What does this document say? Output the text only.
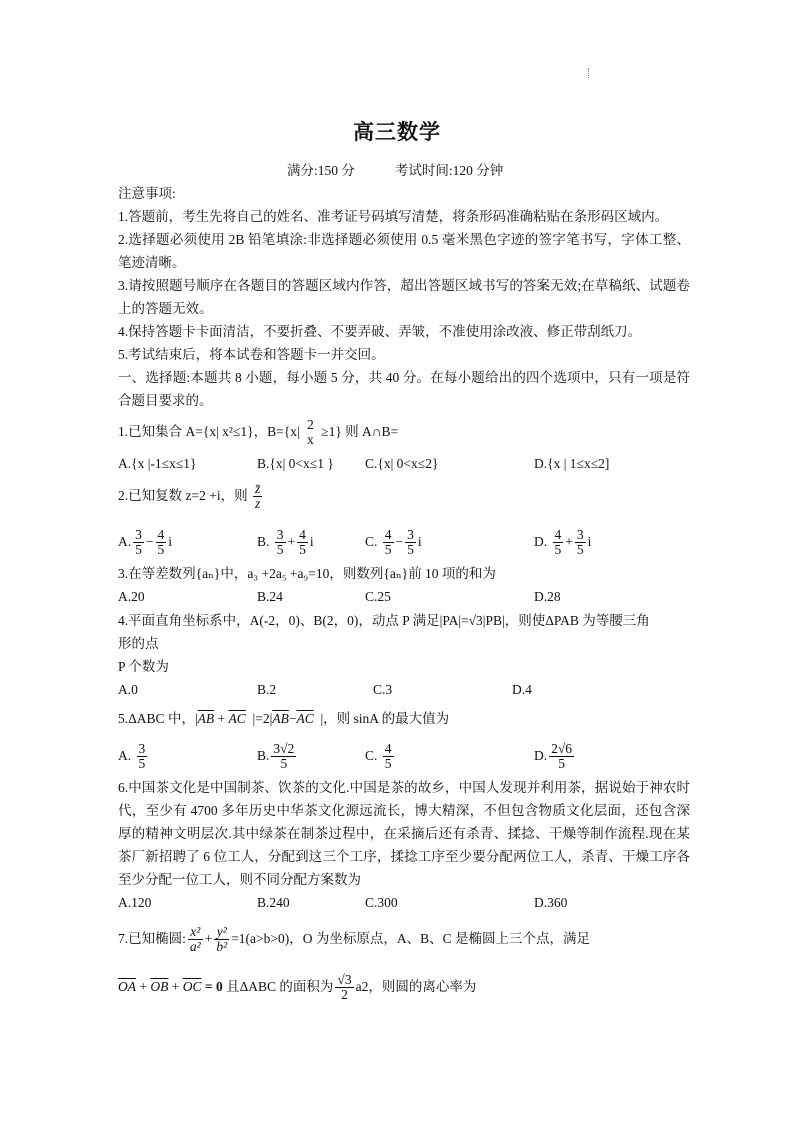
高三数学
满分:150 分	考试时间:120 分钟

注意事项:

1.答题前，考生先将自己的姓名、准考证号码填写清楚，将条形码准确粘贴在条形码区域内。

2.选择题必须使用 2B 铅笔填涂:非选择题必须使用 0.5 毫米黑色字迹的签字笔书写，字体工整、笔迹清晰。

3.请按照题号顺序在各题目的答题区域内作答，超出答题区域书写的答案无效;在草稿纸、试题卷上的答题无效。

4.保持答题卡卡面清洁，不要折叠、不要弄破、弄皱，不准使用涂改液、修正带刮纸刀。

5.考试结束后，将本试卷和答题卡一并交回。

一、选择题:本题共 8 小题，每小题 5 分，共 40 分。在每小题给出的四个选项中，只有一项是符合题目要求的。

1.已知集合 A={x| x²≤1}，B={x| 2
x
≥1} 则 A∩B=
A.{x |-1≤x≤1}	B.{x| 0<x≤1 } C.{x| 0<x≤2}	D.{x | 1≤x≤2]
2.已知复数 z=2 +i，则 $\frac{z̄}{z}$
A. $\frac{3}{5} - \frac{4}{5}$ i	B. $\frac{3}{5} + \frac{4}{5}$ i	C. $\frac{4}{5} - \frac{3}{5}$ i	D. $\frac{4}{5} + \frac{3}{5}$ i

3.在等差数列{aₙ}中，a₃ +2a₅ +a₉=10，则数列{aₙ}前 10 项的和为

A.20	B.24	C.25	D.28

4.平面直角坐标系中，A(-2，0)、B(2，0)，动点 P 满足|PA|=√3|PB|，则使ΔPAB 为等腰三角

形的点

P 个数为

A.0	B.2	C.3	D.4
5.ΔABC 中，$|\overline{AB} + \overline{AC}$ $|=2|\overline{AB}-\overline{AC}$ |，则 sinA 的最大值为
A. $\frac{3}{5}$	B. $\frac{3√2}{5}$	C. $\frac{4}{5}$	D. $\frac{2√6}{5}$

6.中国茶文化是中国制茶、饮茶的文化.中国是茶的故乡，中国人发现并利用茶，据说始于神农时代，至少有 4700 多年历史中华茶文化源远流长，博大精深，不但包含物质文化层面，还包含深厚的精神文明层次.其中绿茶在制茶过程中，在采摘后还有杀青、揉捻、干燥等制作流程.现在某茶厂新招聘了 6 位工人，分配到这三个工序，揉捻工序至少要分配两位工人，杀青、干燥工序各至少分配一位工人，则不同分配方案数为

A.120	B.240	C.300	D.360
7.已知椭圆: $\frac{\text{x²}}{\text{a²}} + \frac{\text{y²}}{\text{b²}} =1(a>b>0)$，O 为坐标原点，A、B、C 是椭圆上三个点，满足
$\overline{OA} + \overline{OB} + \overline{OC} = 0$ 且ΔABC 的面积为 $\frac{√3}{2} a2$，则圆的离心率为
